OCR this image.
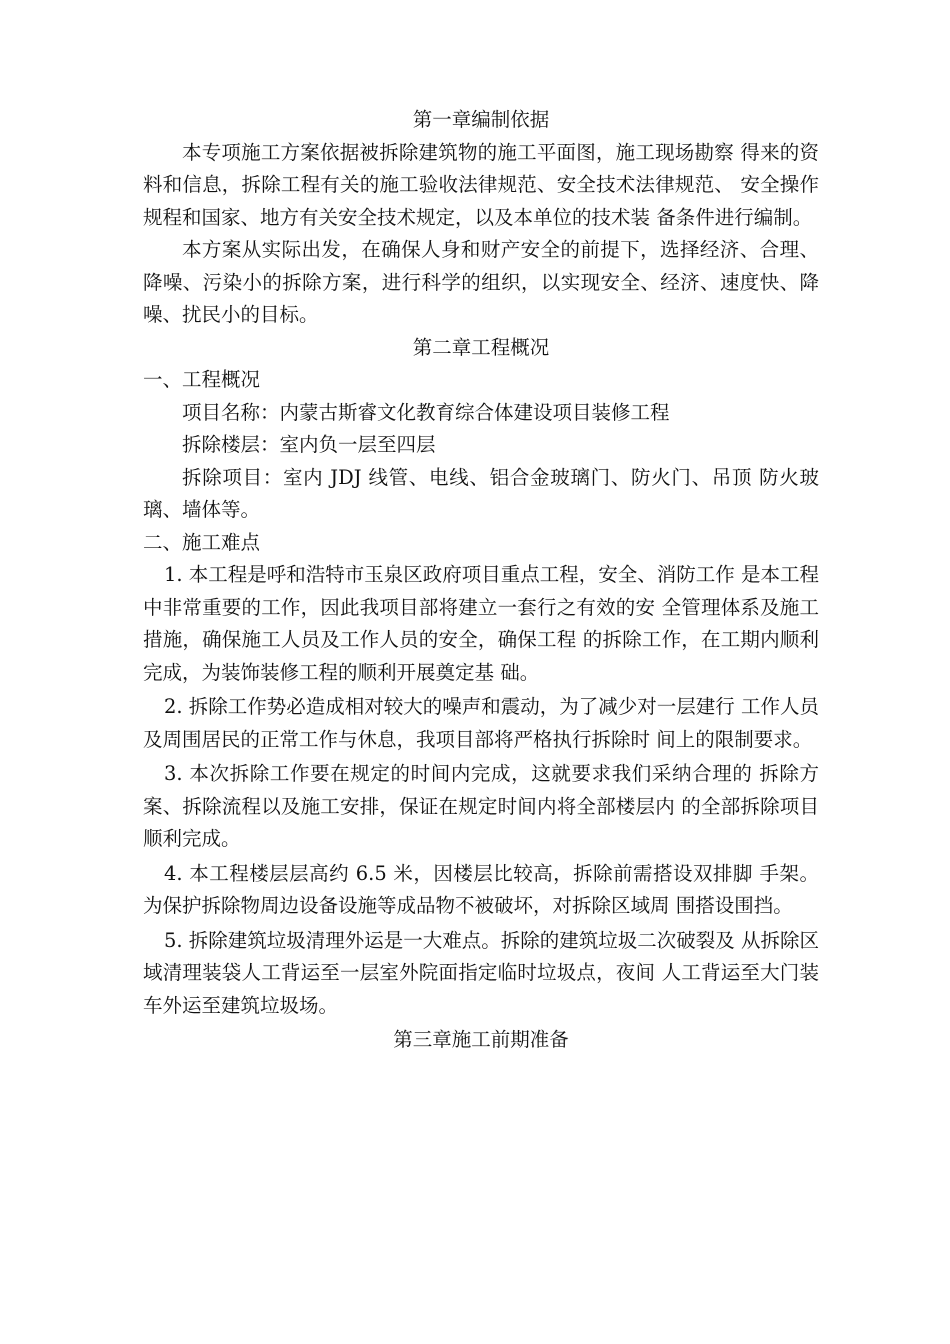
第一章编制依据

本专项施工方案依据被拆除建筑物的施工平面图，施工现场勘察 得来的资料和信息，拆除工程有关的施工验收法律规范、安全技术法律规范、 安全操作规程和国家、地方有关安全技术规定，以及本单位的技术装 备条件进行编制。

本方案从实际出发，在确保人身和财产安全的前提下，选择经济、合理、降噪、污染小的拆除方案，进行科学的组织，以实现安全、经济、速度快、降噪、扰民小的目标。

第二章工程概况

一、工程概况

项目名称：内蒙古斯睿文化教育综合体建设项目装修工程

拆除楼层：室内负一层至四层

拆除项目：室内 JDJ 线管、电线、铝合金玻璃门、防火门、吊顶 防火玻璃、墙体等。

二、施工难点

1. 本工程是呼和浩特市玉泉区政府项目重点工程，安全、消防工作 是本工程中非常重要的工作，因此我项目部将建立一套行之有效的安 全管理体系及施工措施，确保施工人员及工作人员的安全，确保工程 的拆除工作，在工期内顺利完成，为装饰装修工程的顺利开展奠定基 础。

2. 拆除工作势必造成相对较大的噪声和震动，为了减少对一层建行 工作人员及周围居民的正常工作与休息，我项目部将严格执行拆除时 间上的限制要求。

3. 本次拆除工作要在规定的时间内完成，这就要求我们采纳合理的 拆除方案、拆除流程以及施工安排，保证在规定时间内将全部楼层内 的全部拆除项目顺利完成。

4. 本工程楼层层高约 6.5 米，因楼层比较高，拆除前需搭设双排脚 手架。为保护拆除物周边设备设施等成品物不被破坏，对拆除区域周 围搭设围挡。

5. 拆除建筑垃圾清理外运是一大难点。拆除的建筑垃圾二次破裂及 从拆除区域清理装袋人工背运至一层室外院面指定临时垃圾点，夜间 人工背运至大门装车外运至建筑垃圾场。

第三章施工前期准备
